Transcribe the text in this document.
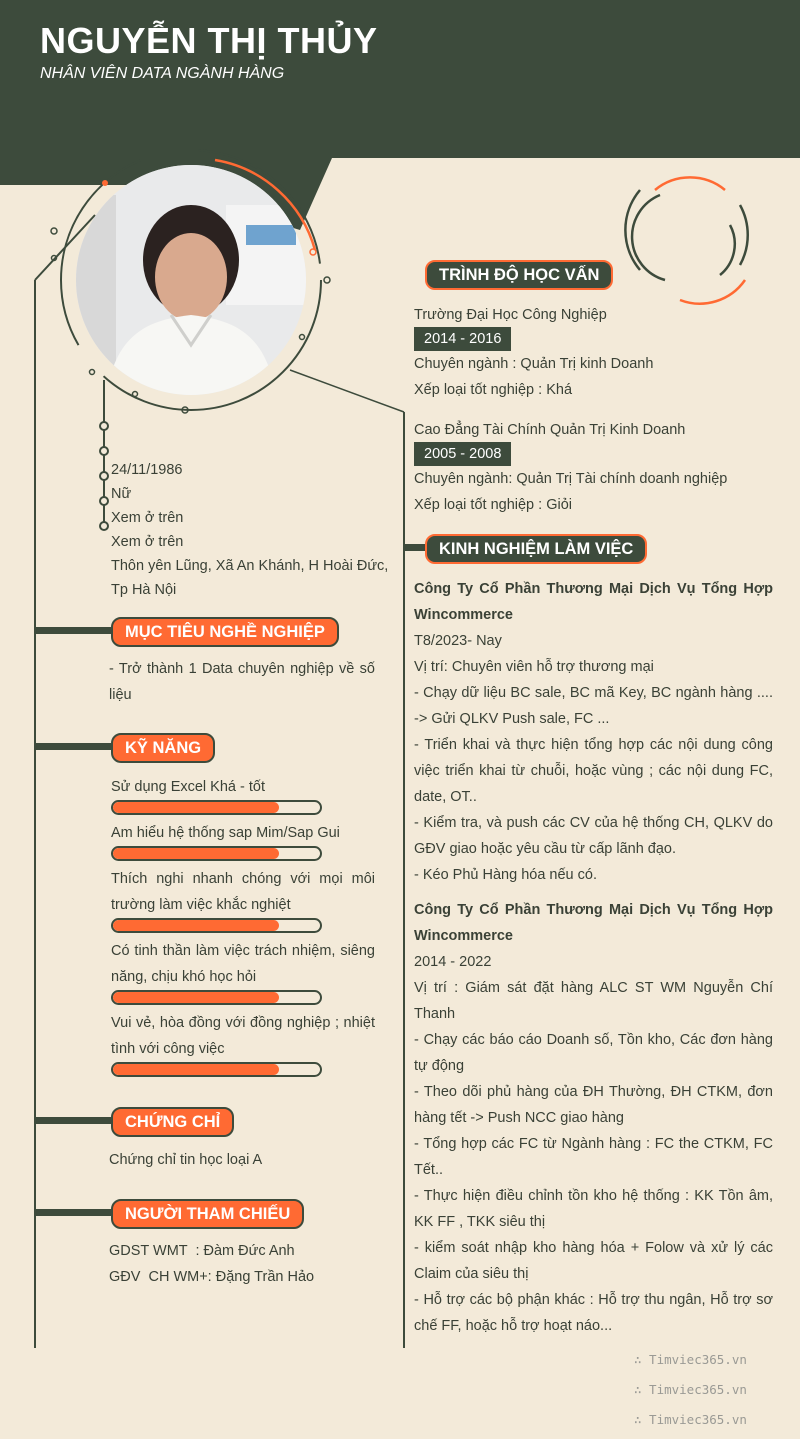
NGUYỄN THỊ THỦY
NHÂN VIÊN DATA NGÀNH HÀNG
24/11/1986
Nữ
Xem ở trên
Xem ở trên
Thôn yên Lũng, Xã An Khánh, H Hoài Đức,
Tp Hà Nội
MỤC TIÊU NGHỀ NGHIỆP
- Trở thành 1 Data chuyên nghiệp về số liệu
KỸ NĂNG
Sử dụng Excel Khá - tốt
Am hiểu hệ thống sap Mim/Sap Gui
Thích nghi nhanh chóng với mọi môi trường làm việc khắc nghiệt
Có tinh thần làm việc trách nhiệm, siêng năng, chịu khó học hỏi
Vui vẻ, hòa đồng với đồng nghiệp ; nhiệt tình với công việc
CHỨNG CHỈ
Chứng chỉ tin học loại A
NGƯỜI THAM CHIẾU
GDST WMT  : Đàm Đức Anh
GĐV  CH WM+: Đặng Trần Hảo
TRÌNH ĐỘ HỌC VẤN
Trường Đại Học Công Nghiệp
2014 - 2016
Chuyên ngành : Quản Trị kinh Doanh
Xếp loại tốt nghiệp : Khá
Cao Đẳng Tài Chính Quản Trị Kinh Doanh
2005 - 2008
Chuyên ngành: Quản Trị Tài chính doanh nghiệp
Xếp loại tốt nghiệp : Giỏi
KINH NGHIỆM LÀM VIỆC
Công Ty Cổ Phần Thương Mại Dịch Vụ Tổng Hợp Wincommerce
T8/2023- Nay
Vị trí: Chuyên viên hỗ trợ thương mại
- Chạy dữ liệu BC sale, BC mã Key, BC ngành hàng ....-> Gửi QLKV Push sale, FC ...
- Triển khai và thực hiện tổng hợp các nội dung công việc triển khai từ chuỗi, hoặc vùng ; các nội dung FC, date, OT..
- Kiểm tra, và push các CV của hệ thống CH, QLKV do GĐV giao hoặc yêu cầu từ cấp lãnh đạo.
- Kéo Phủ Hàng hóa nếu có.
Công Ty Cổ Phần Thương Mại Dịch Vụ Tổng Hợp Wincommerce
2014 - 2022
Vị trí : Giám sát đặt hàng ALC ST WM Nguyễn Chí Thanh
- Chạy các báo cáo Doanh số, Tồn kho, Các đơn hàng tự động
- Theo dõi phủ hàng của ĐH Thường, ĐH CTKM, đơn hàng tết -> Push NCC giao hàng
- Tổng hợp các FC từ Ngành hàng : FC the CTKM, FC Tết..
- Thực hiện điều chỉnh tồn kho hệ thống : KK Tồn âm, KK FF , TKK siêu thị
- kiểm soát nhập kho hàng hóa + Folow và xử lý các Claim của siêu thị
- Hỗ trợ các bộ phận khác : Hỗ trợ thu ngân, Hỗ trợ sơ chế FF, hoặc hỗ trợ hoạt náo...
∴ Timviec365.vn
∴ Timviec365.vn
∴ Timviec365.vn
